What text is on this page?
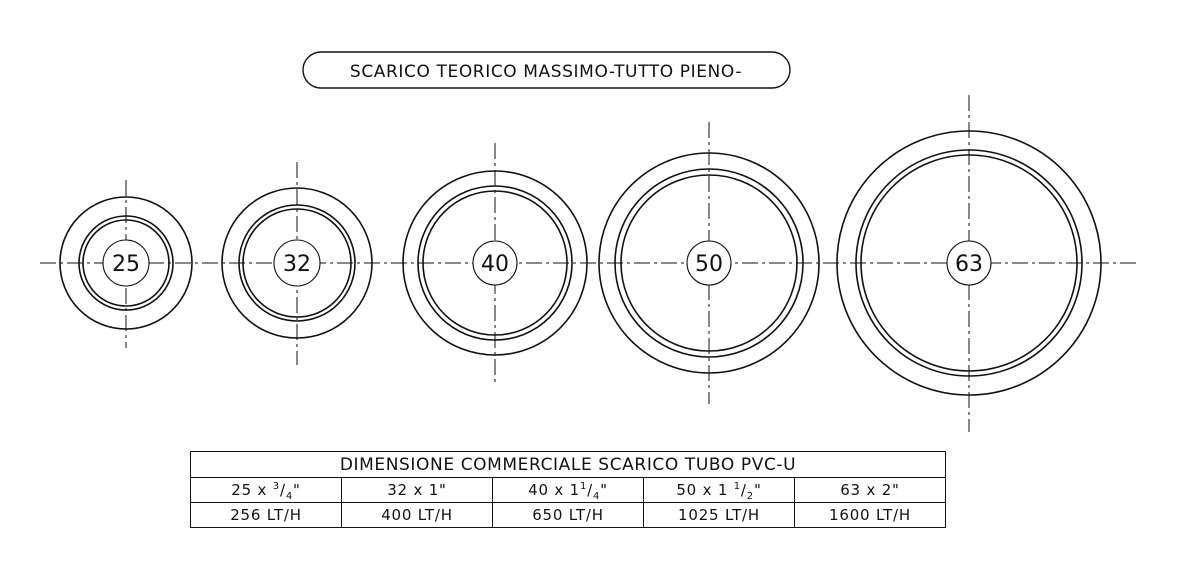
SCARICO TEORICO MASSIMO-TUTTO PIENO-
25	32	40	50	63
DIMENSIONE COMMERCIALE SCARICO TUBO PVC-U				
25 x $^3/_4$"	32 x 1"	40 x $1^1/_4$"	50 x 1 $^1/_2$"	63 x 2"
256 LT/H	400 LT/H	650 LT/H	1025 LT/H	1600 LT/H
